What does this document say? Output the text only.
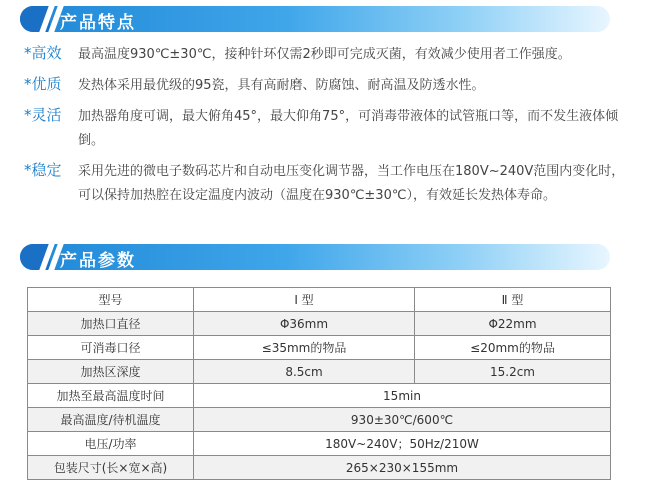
产品特点
*高效 最高温度930℃±30℃，接种针环仅需2秒即可完成灭菌，有效减少使用者工作强度。
*优质 发热体采用最优级的95瓷，具有高耐磨、防腐蚀、耐高温及防透水性。
*灵活 加热器角度可调，最大俯角45°，最大仰角75°，可消毒带液体的试管瓶口等，而不发生液体倾倒。
*稳定 采用先进的微电子数码芯片和自动电压变化调节器，当工作电压在180V~240V范围内变化时，可以保持加热腔在设定温度内波动（温度在930℃±30℃），有效延长发热体寿命。
产品参数
型号	Ⅰ 型	Ⅱ 型
加热口直径	Φ36mm	Φ22mm
可消毒口径	≤35mm的物品	≤20mm的物品
加热区深度	8.5cm	15.2cm
加热至最高温度时间	15min	
最高温度/待机温度	930±30℃/600℃	
电压/功率	180V~240V；50Hz/210W	
包装尺寸(长×宽×高)	265×230×155mm	
